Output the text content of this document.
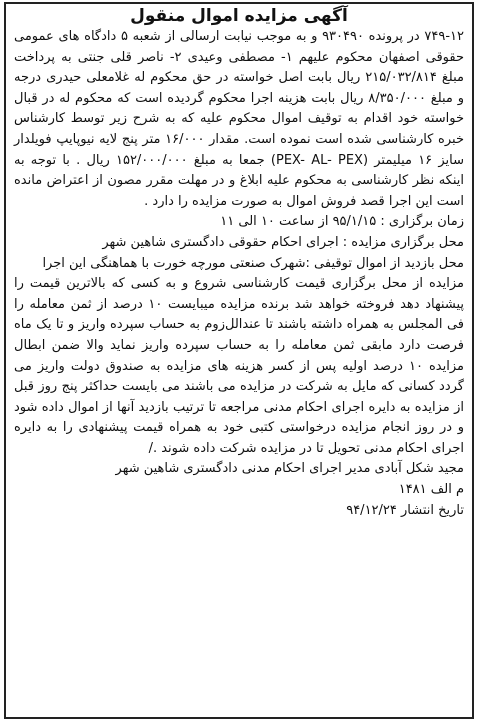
آگهی مزایده اموال منقول

۷۴۹-۱۲ در پرونده ۹۳۰۴۹۰ و به موجب نیابت ارسالی از شعبه ۵ دادگاه های عمومی حقوقی اصفهان محکوم علیهم ۱- مصطفی وعیدی ۲- ناصر قلی جنتی به پرداخت مبلغ ۲۱۵/۰۳۲/۸۱۴ ریال بابت اصل خواسته در حق محکوم له غلامعلی حیدری درجه و مبلغ ۸/۳۵۰/۰۰۰ ریال بابت هزینه اجرا محکوم گردیده است که محکوم له در قبال خواسته خود اقدام به توقیف اموال محکوم علیه که به شرح زیر توسط کارشناس خبره کارشناسی شده است نموده است. مقدار ۱۶/۰۰۰ متر پنج لایه نیوپایپ فویلدار سایز ۱۶ میلیمتر (PEX- AL- PEX) جمعا به مبلغ ۱۵۲/۰۰۰/۰۰۰ ریال . با توجه به اینکه نظر کارشناسی به محکوم علیه ابلاغ و در مهلت مقرر مصون از اعتراض مانده است این اجرا قصد فروش اموال به صورت مزایده را دارد .

زمان برگزاری : ۹۵/۱/۱۵ از ساعت ۱۰ الی ۱۱

محل برگزاری مزایده : اجرای احکام حقوقی دادگستری شاهین شهر

محل بازدید از اموال توقیفی :شهرک صنعتی مورچه خورت با هماهنگی این اجرا

مزایده از محل برگزاری قیمت کارشناسی شروع و به کسی که بالاترین قیمت را پیشنهاد دهد فروخته خواهد شد برنده مزایده میبایست ۱۰ درصد از ثمن معامله را فی المجلس به همراه داشته باشند تا عندالل‌زوم به حساب سپرده واریز و تا یک ماه فرصت دارد مابقی ثمن معامله را به حساب سپرده واریز نماید والا ضمن ابطال مزایده ۱۰ درصد اولیه پس از کسر هزینه های مزایده به صندوق دولت واریز می گردد کسانی که مایل به شرکت در مزایده می باشند می بایست حداکثر پنج روز قبل از مزایده به دایره اجرای احکام مدنی مراجعه تا ترتیب بازدید آنها از اموال داده شود و در روز انجام مزایده درخواستی کتبی خود به همراه قیمت پیشنهادی را به دایره اجرای احکام مدنی تحویل تا در مزایده شرکت داده شوند ./

مجید شکل آبادی مدیر اجرای احکام مدنی دادگستری شاهین شهر

م الف ۱۴۸۱
تاریخ انتشار ۹۴/۱۲/۲۴
